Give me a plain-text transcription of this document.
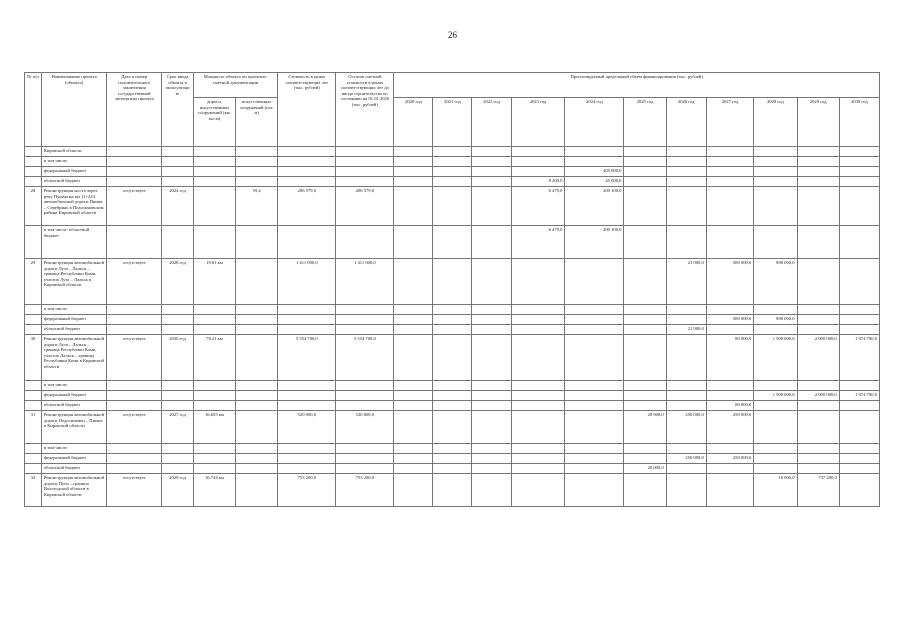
26
№ п/п	Наименование проекта (объекта)	Дата и номер положительного заключения государственной экспертизы проекта	Срок ввода объекта в эксплуатацию	Мощность объекта по проектно-сметной документации		Стоимость в ценах соответствующих лет (тыс. рублей)	Остаток сметной стоимости в ценах соответствующих лет до ввода строительства по состоянию на 01.01.2020 (тыс. рублей)	Прогнозируемый предельный объем финансирования (тыс. рублей)										
				дороги, искусственных сооружений (км, пог.м)	искусственных сооружений (пог. м)			2020 год	2021 год	2022 год	2023 год	2024 год	2025 год	2026 год	2027 год	2028 год	2029 год	2030 год
	Кировской области																	
	в том числе:																	
	федеральный бюджет											405 000,0						
	областной бюджет										8 200,0	45 000,0						
28	Реконструкция моста через реку Пушма на км 11+233 автомобильной дороги Пинюг – Серебряно в Подосиновском районе Кировской области	отсутствует	2024 год		59,4	206 579,0	206 579,0				6 479,0	200 100,0						
	в том числе: областной бюджет										6 479,0	200 100,0						
29	Реконструкция автомобильной дороги Луза – Лальск – граница Республики Коми, участок Луза – Лальск в Кировской области	отсутствует	2028 год	19,81 км		1 411 000,0	1 411 000,0							21 000,0	500 000,0	890 000,0		
	в том числе:																	
	федеральный бюджет														500 000,0	890 000,0		
	областной бюджет													21 000,0				
30	Реконструкция автомобильной дороги Луза – Лальск – граница Республики Коми, участок Лальск – граница Республики Коми в Кировской области	отсутствует	2030 год	78,21 км		5 554 700,0	5 554 700,0								80 000,0	1 500 000,0	2 000 000,0	1 974 700,0
	в том числе:																	
	федеральный бюджет															1 500 000,0	2 000 000,0	1 974 700,0
	областной бюджет														80 000,0			
31	Реконструкция автомобильной дороги Подосиновец – Пинюг в Кировской области	отсутствует	2027 год	16,655 км		520 000,0	520 000,0						20 000,0	250 000,0	250 000,0			
	в том числе:																	
	федеральный бюджет													250 000,0	250 000,0			
	областной бюджет												20 000,0					
32	Реконструкция автомобильной дороги Пуги – граница Вологодской области в Кировской области	отсутствует	2029 год	16,744 км		753 200,0	753 200,0									16 000,0	737 200,0	
